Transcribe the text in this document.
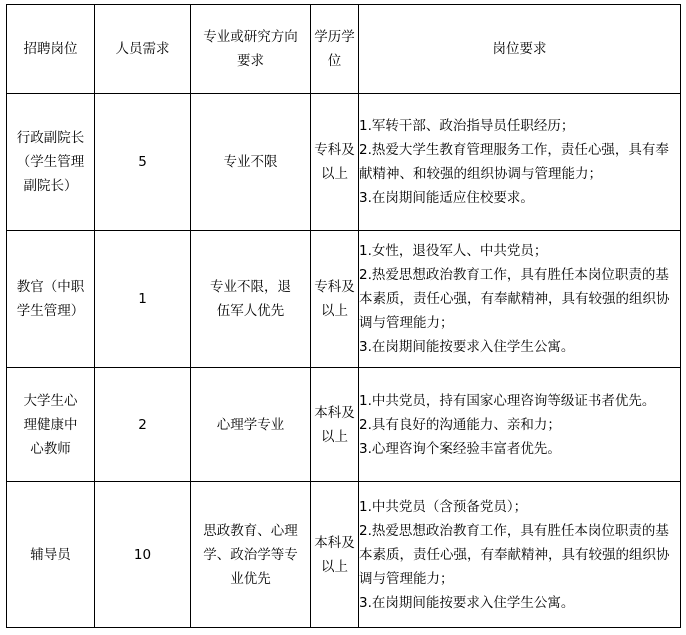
招聘岗位	人员需求	专业或研究方向要求	学历学位	岗位要求

行政副院长（学生管理副院长）	5	专业不限	专科及以上	1.军转干部、政治指导员任职经历；

2.热爱大学生教育管理服务工作，责任心强，具有奉献精神、和较强的组织协调与管理能力；

3.在岗期间能适应住校要求。

教官（中职学生管理）	1	专业不限，退伍军人优先	专科及以上	1.女性，退役军人、中共党员；

2.热爱思想政治教育工作，具有胜任本岗位职责的基本素质，责任心强，有奉献精神，具有较强的组织协调与管理能力；

3.在岗期间能按要求入住学生公寓。

大学生心理健康中心教师	2	心理学专业	本科及以上	1.中共党员，持有国家心理咨询等级证书者优先。

2.具有良好的沟通能力、亲和力；

3.心理咨询个案经验丰富者优先。

辅导员	10	思政教育、心理学、政治学等专业优先	本科及以上	1.中共党员（含预备党员）；

2.热爱思想政治教育工作，具有胜任本岗位职责的基本素质，责任心强，有奉献精神，具有较强的组织协调与管理能力；

3.在岗期间能按要求入住学生公寓。
